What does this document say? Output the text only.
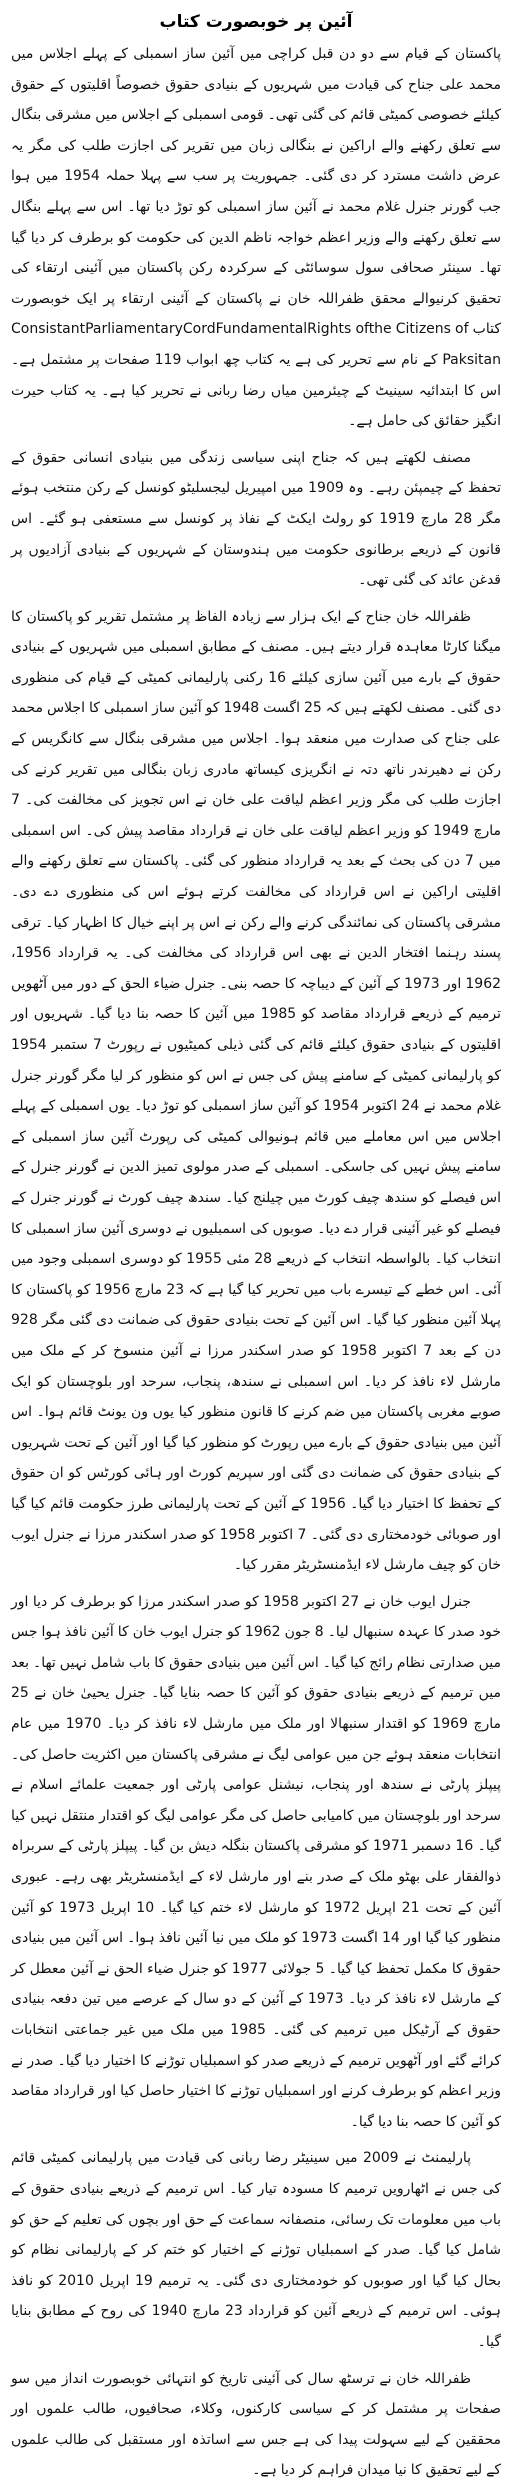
آئین پر خوبصورت کتاب

پاکستان کے قیام سے دو دن قبل کراچی میں آئین ساز اسمبلی کے پہلے اجلاس میں محمد علی جناح کی قیادت میں شہریوں کے بنیادی حقوق خصوصاً اقلیتوں کے حقوق کیلئے خصوصی کمیٹی قائم کی گئی تھی۔ قومی اسمبلی کے اجلاس میں مشرقی بنگال سے تعلق رکھنے والے اراکین نے بنگالی زبان میں تقریر کی اجازت طلب کی مگر یہ عرض داشت مسترد کر دی گئی۔ جمہوریت پر سب سے پہلا حملہ 1954 میں ہوا جب گورنر جنرل غلام محمد نے آئین ساز اسمبلی کو توڑ دیا تھا۔ اس سے پہلے بنگال سے تعلق رکھنے والے وزیر اعظم خواجہ ناظم الدین کی حکومت کو برطرف کر دیا گیا تھا۔ سینئر صحافی سول سوسائٹی کے سرکردہ رکن پاکستان میں آئینی ارتقاء کی تحقیق کرنیوالے محقق ظفراللہ خان نے پاکستان کے آئینی ارتقاء پر ایک خوبصورت کتاب ConsistantParliamentaryCordFundamentalRights ofthe Citizens of Paksitan کے نام سے تحریر کی ہے یہ کتاب چھ ابواب 119 صفحات پر مشتمل ہے۔ اس کا ابتدائیہ سینیٹ کے چیئرمین میاں رضا ربانی نے تحریر کیا ہے۔ یہ کتاب حیرت انگیز حقائق کی حامل ہے۔

مصنف لکھتے ہیں کہ جناح اپنی سیاسی زندگی میں بنیادی انسانی حقوق کے تحفظ کے چیمپئن رہے۔ وہ 1909 میں امپیریل لیجسلیٹو کونسل کے رکن منتخب ہوئے مگر 28 مارچ 1919 کو رولٹ ایکٹ کے نفاذ پر کونسل سے مستعفی ہو گئے۔ اس قانون کے ذریعے برطانوی حکومت میں ہندوستان کے شہریوں کے بنیادی آزادیوں پر قدغن عائد کی گئی تھی۔

ظفراللہ خان جناح کے ایک ہزار سے زیادہ الفاظ پر مشتمل تقریر کو پاکستان کا میگنا کارٹا معاہدہ قرار دیتے ہیں۔ مصنف کے مطابق اسمبلی میں شہریوں کے بنیادی حقوق کے بارے میں آئین سازی کیلئے 16 رکنی پارلیمانی کمیٹی کے قیام کی منظوری دی گئی۔ مصنف لکھتے ہیں کہ 25 اگست 1948 کو آئین ساز اسمبلی کا اجلاس محمد علی جناح کی صدارت میں منعقد ہوا۔ اجلاس میں مشرقی بنگال سے کانگریس کے رکن نے دھیرندر ناتھ دتہ نے انگریزی کیساتھ مادری زبان بنگالی میں تقریر کرنے کی اجازت طلب کی مگر وزیر اعظم لیاقت علی خان نے اس تجویز کی مخالفت کی۔ 7 مارچ 1949 کو وزیر اعظم لیاقت علی خان نے قرارداد مقاصد پیش کی۔ اس اسمبلی میں 7 دن کی بحث کے بعد یہ قرارداد منظور کی گئی۔ پاکستان سے تعلق رکھنے والے اقلیتی اراکین نے اس قرارداد کی مخالفت کرتے ہوئے اس کی منظوری دے دی۔ مشرقی پاکستان کی نمائندگی کرنے والے رکن نے اس پر اپنے خیال کا اظہار کیا۔ ترقی پسند رہنما افتخار الدین نے بھی اس قرارداد کی مخالفت کی۔ یہ قرارداد 1956، 1962 اور 1973 کے آئین کے دیباچہ کا حصہ بنی۔ جنرل ضیاء الحق کے دور میں آٹھویں ترمیم کے ذریعے قرارداد مقاصد کو 1985 میں آئین کا حصہ بنا دیا گیا۔ شہریوں اور اقلیتوں کے بنیادی حقوق کیلئے قائم کی گئی ذیلی کمیٹیوں نے رپورٹ 7 ستمبر 1954 کو پارلیمانی کمیٹی کے سامنے پیش کی جس نے اس کو منظور کر لیا مگر گورنر جنرل غلام محمد نے 24 اکتوبر 1954 کو آئین ساز اسمبلی کو توڑ دیا۔ یوں اسمبلی کے پہلے اجلاس میں اس معاملے میں قائم ہونیوالی کمیٹی کی رپورٹ آئین ساز اسمبلی کے سامنے پیش نہیں کی جاسکی۔ اسمبلی کے صدر مولوی تمیز الدین نے گورنر جنرل کے اس فیصلے کو سندھ چیف کورٹ میں چیلنج کیا۔ سندھ چیف کورٹ نے گورنر جنرل کے فیصلے کو غیر آئینی قرار دے دیا۔ صوبوں کی اسمبلیوں نے دوسری آئین ساز اسمبلی کا انتخاب کیا۔ بالواسطہ انتخاب کے ذریعے 28 مئی 1955 کو دوسری اسمبلی وجود میں آئی۔ اس خطے کے تیسرے باب میں تحریر کیا گیا ہے کہ 23 مارچ 1956 کو پاکستان کا پہلا آئین منظور کیا گیا۔ اس آئین کے تحت بنیادی حقوق کی ضمانت دی گئی مگر 928 دن کے بعد 7 اکتوبر 1958 کو صدر اسکندر مرزا نے آئین منسوخ کر کے ملک میں مارشل لاء نافذ کر دیا۔ اس اسمبلی نے سندھ، پنجاب، سرحد اور بلوچستان کو ایک صوبے مغربی پاکستان میں ضم کرنے کا قانون منظور کیا یوں ون یونٹ قائم ہوا۔ اس آئین میں بنیادی حقوق کے بارے میں رپورٹ کو منظور کیا گیا اور آئین کے تحت شہریوں کے بنیادی حقوق کی ضمانت دی گئی اور سپریم کورٹ اور ہائی کورٹس کو ان حقوق کے تحفظ کا اختیار دیا گیا۔ 1956 کے آئین کے تحت پارلیمانی طرز حکومت قائم کیا گیا اور صوبائی خودمختاری دی گئی۔ 7 اکتوبر 1958 کو صدر اسکندر مرزا نے جنرل ایوب خان کو چیف مارشل لاء ایڈمنسٹریٹر مقرر کیا۔

جنرل ایوب خان نے 27 اکتوبر 1958 کو صدر اسکندر مرزا کو برطرف کر دیا اور خود صدر کا عہدہ سنبھال لیا۔ 8 جون 1962 کو جنرل ایوب خان کا آئین نافذ ہوا جس میں صدارتی نظام رائج کیا گیا۔ اس آئین میں بنیادی حقوق کا باب شامل نہیں تھا۔ بعد میں ترمیم کے ذریعے بنیادی حقوق کو آئین کا حصہ بنایا گیا۔ جنرل یحییٰ خان نے 25 مارچ 1969 کو اقتدار سنبھالا اور ملک میں مارشل لاء نافذ کر دیا۔ 1970 میں عام انتخابات منعقد ہوئے جن میں عوامی لیگ نے مشرقی پاکستان میں اکثریت حاصل کی۔ پیپلز پارٹی نے سندھ اور پنجاب، نیشنل عوامی پارٹی اور جمعیت علمائے اسلام نے سرحد اور بلوچستان میں کامیابی حاصل کی مگر عوامی لیگ کو اقتدار منتقل نہیں کیا گیا۔ 16 دسمبر 1971 کو مشرقی پاکستان بنگلہ دیش بن گیا۔ پیپلز پارٹی کے سربراہ ذوالفقار علی بھٹو ملک کے صدر بنے اور مارشل لاء کے ایڈمنسٹریٹر بھی رہے۔ عبوری آئین کے تحت 21 اپریل 1972 کو مارشل لاء ختم کیا گیا۔ 10 اپریل 1973 کو آئین منظور کیا گیا اور 14 اگست 1973 کو ملک میں نیا آئین نافذ ہوا۔ اس آئین میں بنیادی حقوق کا مکمل تحفظ کیا گیا۔ 5 جولائی 1977 کو جنرل ضیاء الحق نے آئین معطل کر کے مارشل لاء نافذ کر دیا۔ 1973 کے آئین کے دو سال کے عرصے میں تین دفعہ بنیادی حقوق کے آرٹیکل میں ترمیم کی گئی۔ 1985 میں ملک میں غیر جماعتی انتخابات کرائے گئے اور آٹھویں ترمیم کے ذریعے صدر کو اسمبلیاں توڑنے کا اختیار دیا گیا۔ صدر نے وزیر اعظم کو برطرف کرنے اور اسمبلیاں توڑنے کا اختیار حاصل کیا اور قرارداد مقاصد کو آئین کا حصہ بنا دیا گیا۔

پارلیمنٹ نے 2009 میں سینیٹر رضا ربانی کی قیادت میں پارلیمانی کمیٹی قائم کی جس نے اٹھارویں ترمیم کا مسودہ تیار کیا۔ اس ترمیم کے ذریعے بنیادی حقوق کے باب میں معلومات تک رسائی، منصفانہ سماعت کے حق اور بچوں کی تعلیم کے حق کو شامل کیا گیا۔ صدر کے اسمبلیاں توڑنے کے اختیار کو ختم کر کے پارلیمانی نظام کو بحال کیا گیا اور صوبوں کو خودمختاری دی گئی۔ یہ ترمیم 19 اپریل 2010 کو نافذ ہوئی۔ اس ترمیم کے ذریعے آئین کو قرارداد 23 مارچ 1940 کی روح کے مطابق بنایا گیا۔

ظفراللہ خان نے ترسٹھ سال کی آئینی تاریخ کو انتہائی خوبصورت انداز میں سو صفحات پر مشتمل کر کے سیاسی کارکنوں، وکلاء، صحافیوں، طالب علموں اور محققین کے لیے سہولت پیدا کی ہے جس سے اساتذہ اور مستقبل کی طالب علموں کے لیے تحقیق کا نیا میدان فراہم کر دیا ہے۔
